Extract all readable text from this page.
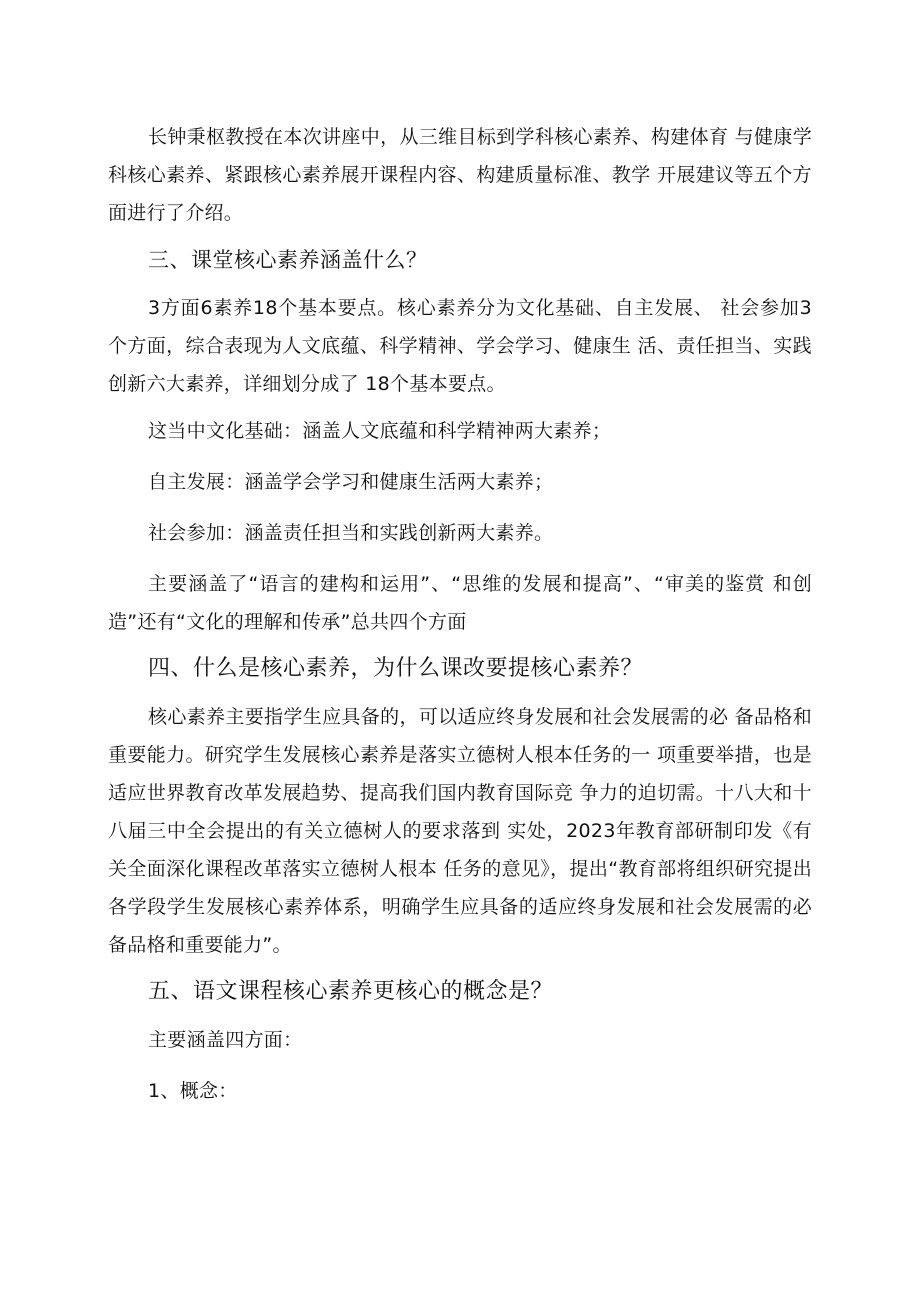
长钟秉枢教授在本次讲座中，从三维目标到学科核心素养、构建体育 与健康学科核心素养、紧跟核心素养展开课程内容、构建质量标准、教学 开展建议等五个方面进行了介绍。

三、课堂核心素养涵盖什么？

3方面6素养18个基本要点。核心素养分为文化基础、自主发展、 社会参加3个方面，综合表现为人文底蕴、科学精神、学会学习、健康生 活、责任担当、实践创新六大素养，详细划分成了 18个基本要点。

这当中文化基础：涵盖人文底蕴和科学精神两大素养；

自主发展：涵盖学会学习和健康生活两大素养；

社会参加：涵盖责任担当和实践创新两大素养。

主要涵盖了“语言的建构和运用”、“思维的发展和提高”、“审美的鉴赏 和创造”还有“文化的理解和传承”总共四个方面

四、什么是核心素养，为什么课改要提核心素养？

核心素养主要指学生应具备的，可以适应终身发展和社会发展需的必 备品格和重要能力。研究学生发展核心素养是落实立德树人根本任务的一 项重要举措，也是适应世界教育改革发展趋势、提高我们国内教育国际竞 争力的迫切需。十八大和十八届三中全会提出的有关立德树人的要求落到 实处，2023年教育部研制印发《有关全面深化课程改革落实立德树人根本 任务的意见》，提出“教育部将组织研究提出各学段学生发展核心素养体系，明确学生应具备的适应终身发展和社会发展需的必备品格和重要能力”。

五、语文课程核心素养更核心的概念是？

主要涵盖四方面：

1、概念：
